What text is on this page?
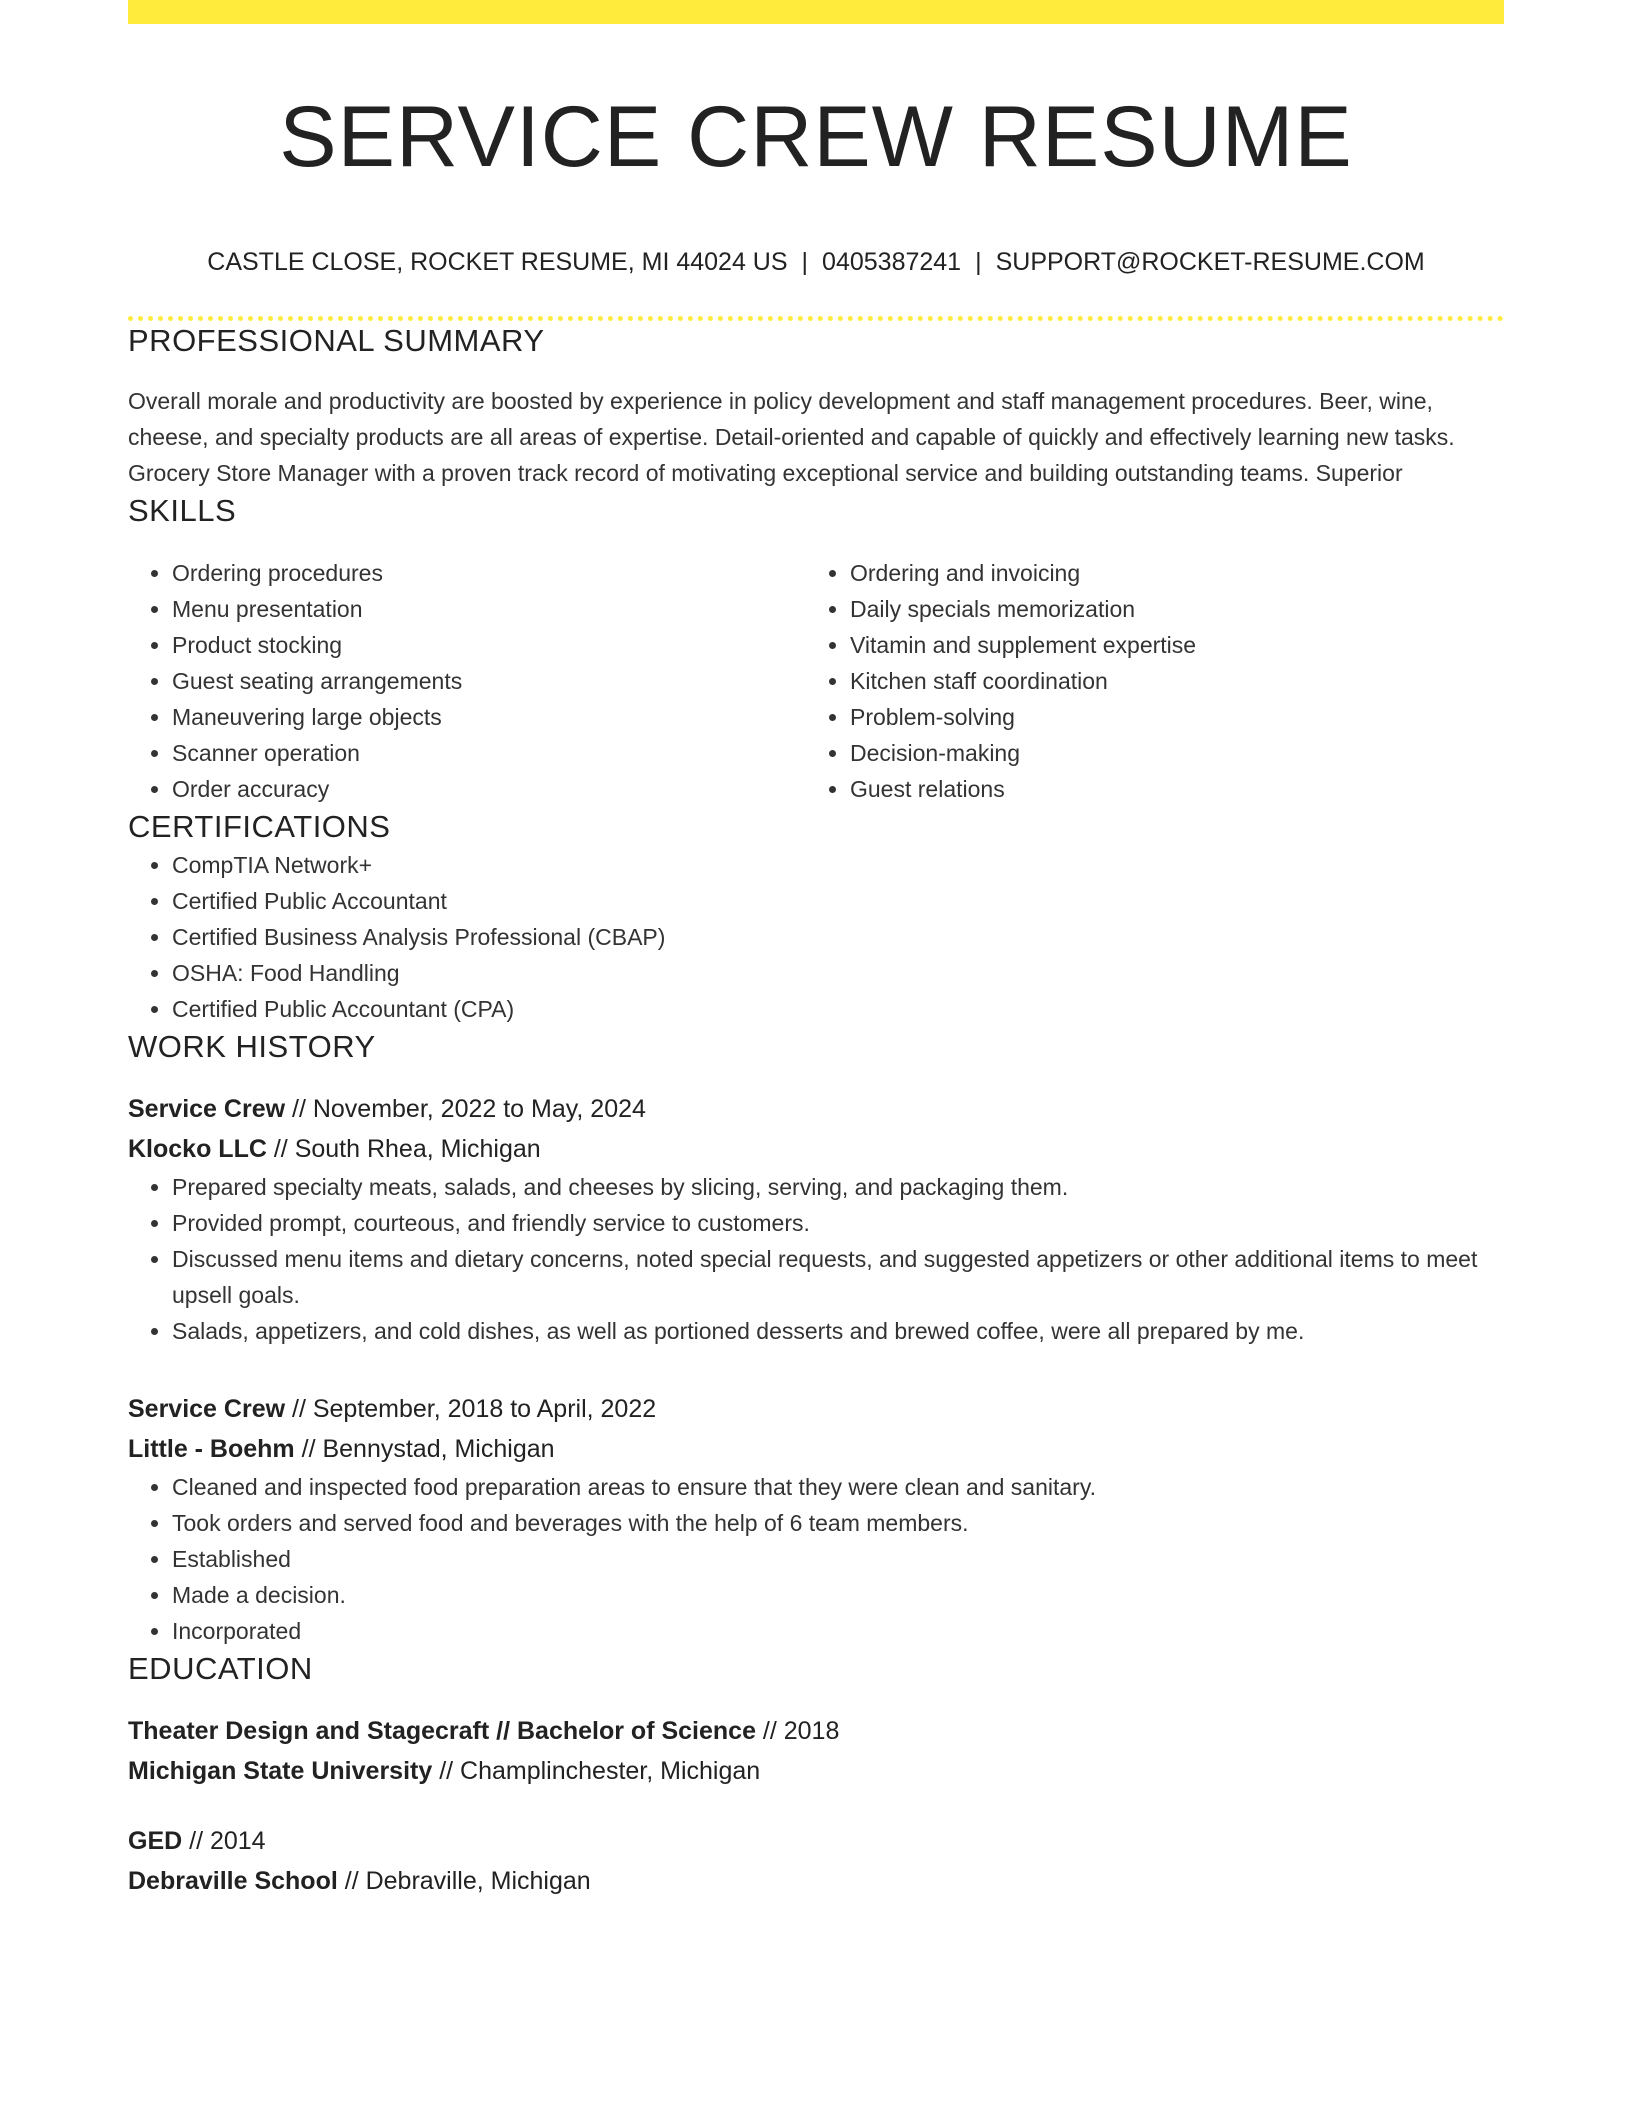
SERVICE CREW RESUME
CASTLE CLOSE, ROCKET RESUME, MI 44024 US | 0405387241 | SUPPORT@ROCKET-RESUME.COM
PROFESSIONAL SUMMARY
Overall morale and productivity are boosted by experience in policy development and staff management procedures. Beer, wine, cheese, and specialty products are all areas of expertise. Detail-oriented and capable of quickly and effectively learning new tasks. Grocery Store Manager with a proven track record of motivating exceptional service and building outstanding teams. Superior
SKILLS
• Ordering procedures
• Menu presentation
• Product stocking
• Guest seating arrangements
• Maneuvering large objects
• Scanner operation
• Order accuracy
• Ordering and invoicing
• Daily specials memorization
• Vitamin and supplement expertise
• Kitchen staff coordination
• Problem-solving
• Decision-making
• Guest relations
CERTIFICATIONS
• CompTIA Network+
• Certified Public Accountant
• Certified Business Analysis Professional (CBAP)
• OSHA: Food Handling
• Certified Public Accountant (CPA)
WORK HISTORY
Service Crew // November, 2022 to May, 2024
Klocko LLC // South Rhea, Michigan
• Prepared specialty meats, salads, and cheeses by slicing, serving, and packaging them.
• Provided prompt, courteous, and friendly service to customers.
• Discussed menu items and dietary concerns, noted special requests, and suggested appetizers or other additional items to meet upsell goals.
• Salads, appetizers, and cold dishes, as well as portioned desserts and brewed coffee, were all prepared by me.
Service Crew // September, 2018 to April, 2022
Little - Boehm // Bennystad, Michigan
• Cleaned and inspected food preparation areas to ensure that they were clean and sanitary.
• Took orders and served food and beverages with the help of 6 team members.
• Established
• Made a decision.
• Incorporated
EDUCATION
Theater Design and Stagecraft // Bachelor of Science // 2018
Michigan State University // Champlinchester, Michigan
GED // 2014
Debraville School // Debraville, Michigan
